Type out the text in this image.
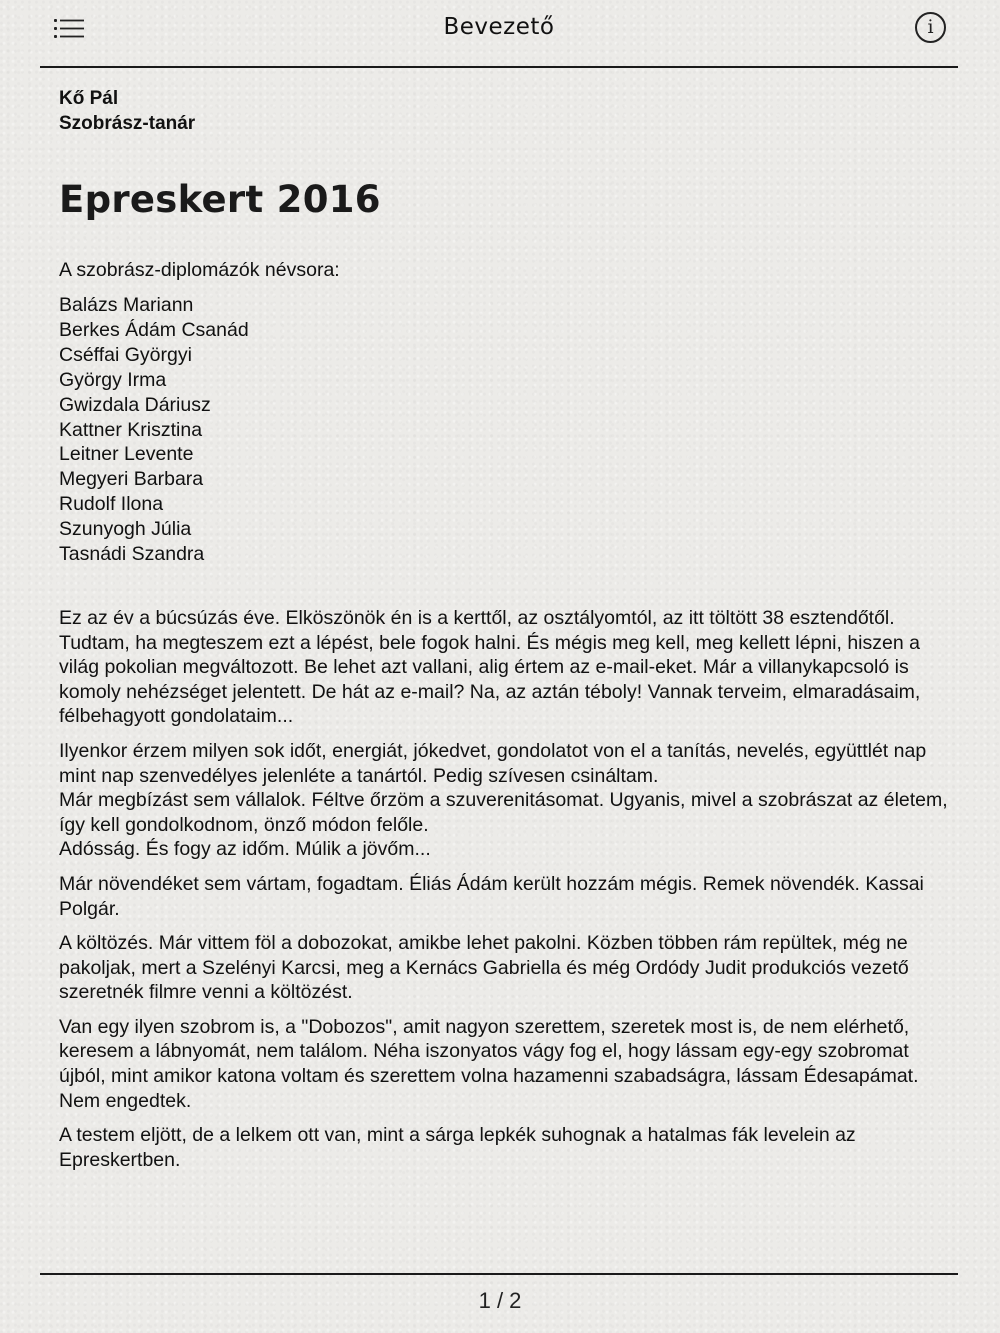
Bevezető	i
Kő Pál
Szobrász-tanár
Epreskert 2016
A szobrász-diplomázók névsora:
Balázs Mariann
Berkes Ádám Csanád
Cséffai Györgyi
György Irma
Gwizdala Dáriusz
Kattner Krisztina
Leitner Levente
Megyeri Barbara
Rudolf Ilona
Szunyogh Júlia
Tasnádi Szandra

Ez az év a búcsúzás éve. Elköszönök én is a kerttől, az osztályomtól, az itt töltött 38 esztendőtől. Tudtam, ha megteszem ezt a lépést, bele fogok halni. És mégis meg kell, meg kellett lépni, hiszen a világ pokolian megváltozott. Be lehet azt vallani, alig értem az e-mail-eket. Már a villanykapcsoló is komoly nehézséget jelentett. De hát az e-mail? Na, az aztán téboly! Vannak terveim, elmaradásaim, félbehagyott gondolataim...

Ilyenkor érzem milyen sok időt, energiát, jókedvet, gondolatot von el a tanítás, nevelés, együttlét nap mint nap szenvedélyes jelenléte a tanártól. Pedig szívesen csináltam.
Már megbízást sem vállalok. Féltve őrzöm a szuverenitásomat. Ugyanis, mivel a szobrászat az életem, így kell gondolkodnom, önző módon felőle.
Adósság. És fogy az időm. Múlik a jövőm...

Már növendéket sem vártam, fogadtam. Éliás Ádám került hozzám mégis. Remek növendék. Kassai Polgár.

A költözés. Már vittem föl a dobozokat, amikbe lehet pakolni. Közben többen rám repültek, még ne pakoljak, mert a Szelényi Karcsi, meg a Kernács Gabriella és még Ordódy Judit produkciós vezető szeretnék filmre venni a költözést.

Van egy ilyen szobrom is, a "Dobozos", amit nagyon szerettem, szeretek most is, de nem elérhető, keresem a lábnyomát, nem találom. Néha iszonyatos vágy fog el, hogy lássam egy-egy szobromat újból, mint amikor katona voltam és szerettem volna hazamenni szabadságra, lássam Édesapámat. Nem engedtek.

A testem eljött, de a lelkem ott van, mint a sárga lepkék suhognak a hatalmas fák levelein az Epreskertben.

1 / 2
